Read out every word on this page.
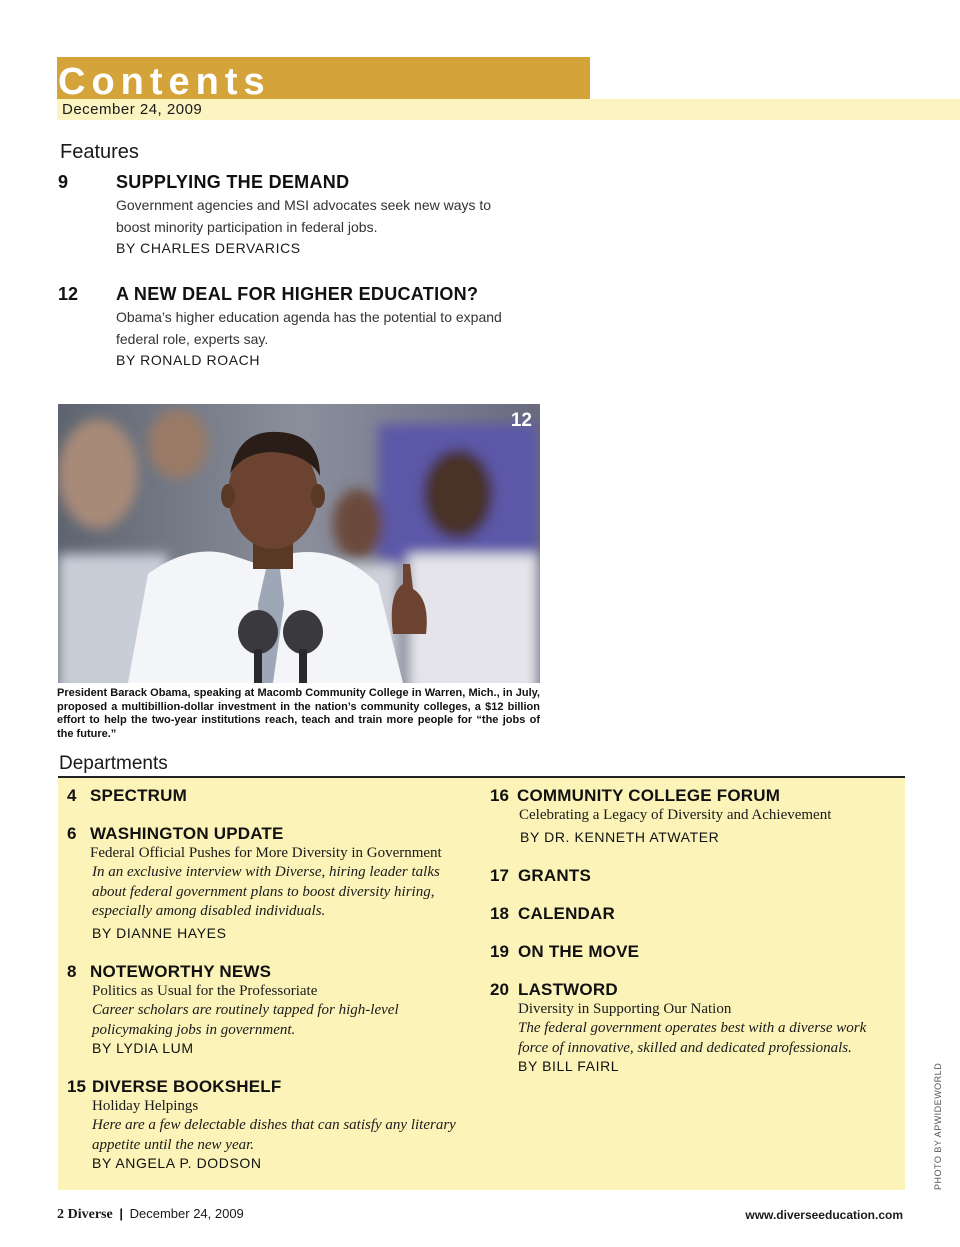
Contents
December 24, 2009
Features
9	SUPPLYING THE DEMAND
Government agencies and MSI advocates seek new ways to boost minority participation in federal jobs.
BY CHARLES DERVARICS
12 A NEW DEAL FOR HIGHER EDUCATION?
Obama’s higher education agenda has the potential to expand federal role, experts say.
BY RONALD ROACH
12
President Barack Obama, speaking at Macomb Community College in Warren, Mich., in July, proposed a multibillion-dollar investment in the nation’s community colleges, a $12 billion effort to help the two-year institutions reach, teach and train more people for “the jobs of the future.”
Departments
4 SPECTRUM
6 WASHINGTON UPDATE
Federal Official Pushes for More Diversity in Government
In an exclusive interview with Diverse, hiring leader talks about federal government plans to boost diversity hiring, especially among disabled individuals.
BY DIANNE HAYES
8 NOTEWORTHY NEWS
Politics as Usual for the Professoriate
Career scholars are routinely tapped for high-level policymaking jobs in government.
BY LYDIA LUM
15 DIVERSE BOOKSHELF
Holiday Helpings
Here are a few delectable dishes that can satisfy any literary appetite until the new year.
BY ANGELA P. DODSON
16 COMMUNITY COLLEGE FORUM
Celebrating a Legacy of Diversity and Achievement
BY DR. KENNETH ATWATER
17 GRANTS
18 CALENDAR
19 ON THE MOVE
20 LASTWORD
Diversity in Supporting Our Nation
The federal government operates best with a diverse work force of innovative, skilled and dedicated professionals.
BY BILL FAIRL	PHOTO BY APWIDEWORLD
2 Diverse | December 24, 2009	www.diverseeducation.com
